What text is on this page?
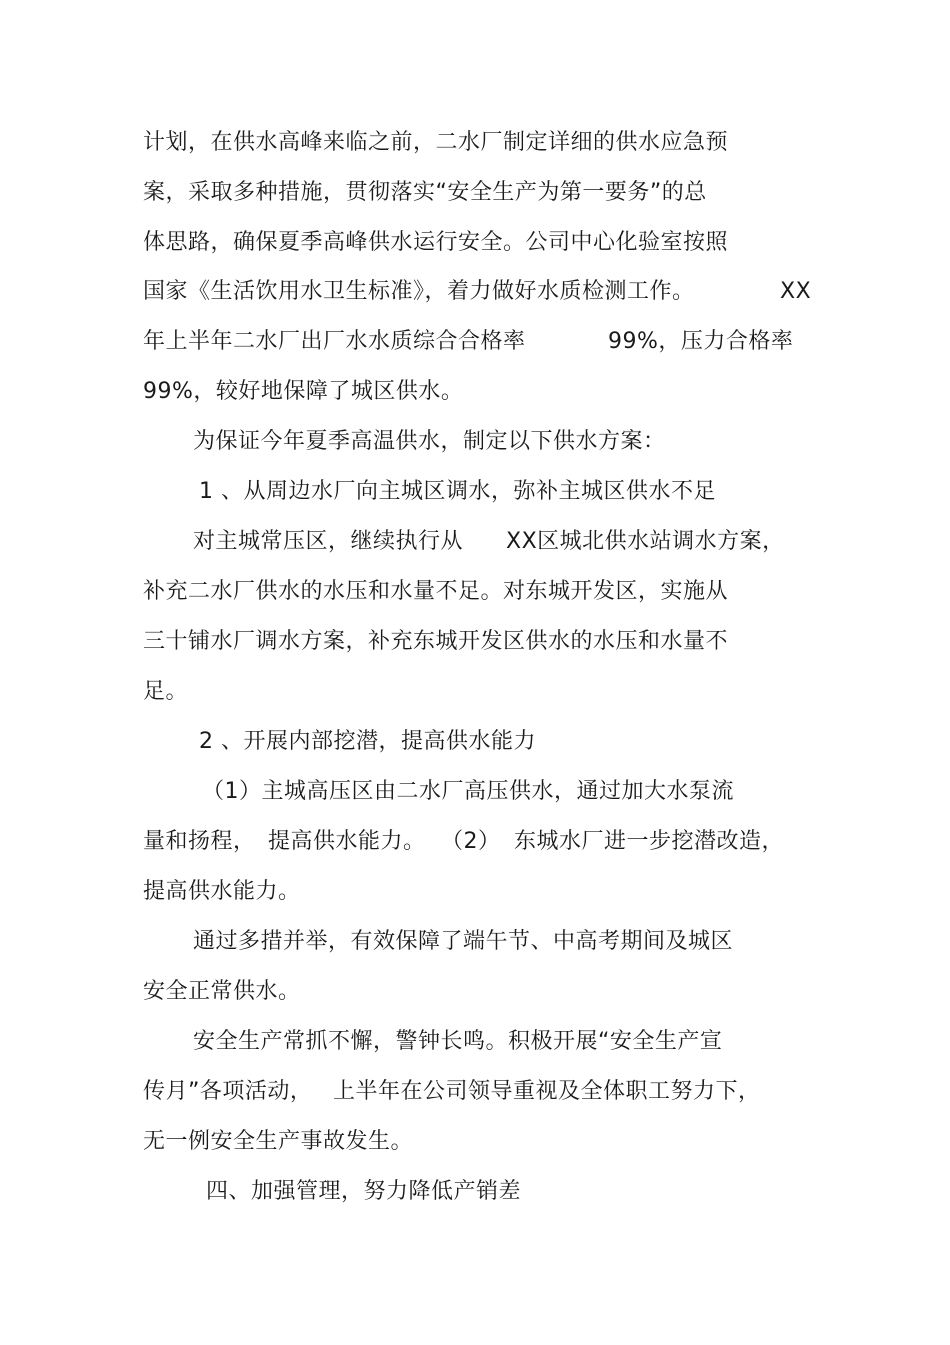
计划，在供水高峰来临之前，二水厂制定详细的供水应急预
案，采取多种措施，贯彻落实“安全生产为第一要务”的总
体思路，确保夏季高峰供水运行安全。公司中心化验室按照
国家《生活饮用水卫生标准》，着力做好水质检测工作。	XX
年上半年二水厂出厂水水质综合合格率	99%，压力合格率
99%，较好地保障了城区供水。
为保证今年夏季高温供水，制定以下供水方案：
1 、从周边水厂向主城区调水，弥补主城区供水不足
对主城常压区，继续执行从 XX区城北供水站调水方案，
补充二水厂供水的水压和水量不足。对东城开发区，实施从
三十铺水厂调水方案，补充东城开发区供水的水压和水量不
足。
2 、开展内部挖潜，提高供水能力
（1）主城高压区由二水厂高压供水，通过加大水泵流
量和扬程， 提高供水能力。 （2） 东城水厂进一步挖潜改造，
提高供水能力。
通过多措并举，有效保障了端午节、中高考期间及城区
安全正常供水。
安全生产常抓不懈，警钟长鸣。积极开展“安全生产宣
传月”各项活动， 上半年在公司领导重视及全体职工努力下，
无一例安全生产事故发生。
四、加强管理，努力降低产销差
